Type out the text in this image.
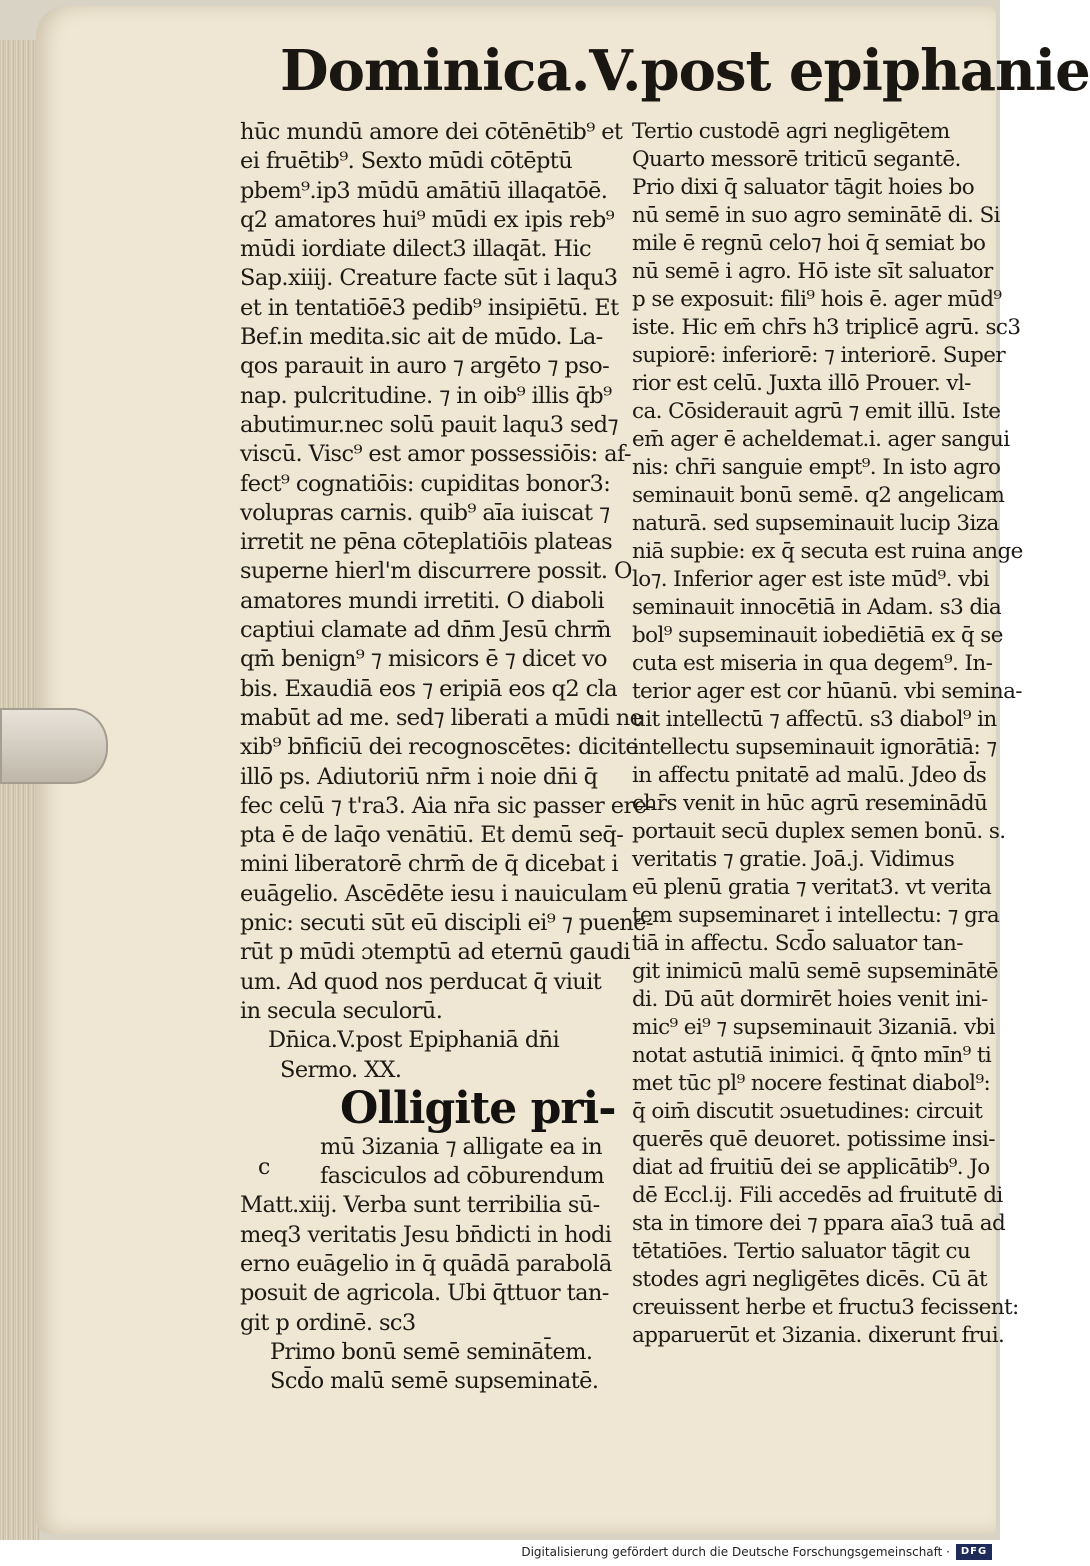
Dominica.V.post epiphanie
hūc mundū amore dei cōtēnētib⁹ et
ei fruētib⁹. Sexto mūdi cōtēptū
pbem⁹.ip3 mūdū amātiū illaqatōē.
q2 amatores hui⁹ mūdi ex ipis reb⁹
mūdi iordiate dilect3 illaqāt. Hic
Sap.xiiij. Creature facte sūt i laqu3
et in tentatiōē3 pedib⁹ insipiētū. Et
Bef.in medita.sic ait de mūdo. La-
qos parauit in auro ⁊ argēto ⁊ pso-
nap. pulcritudine. ⁊ in oib⁹ illis q̄b⁹
abutimur.nec solū pauit laqu3 sed⁊
viscū. Visc⁹ est amor possessiōis: af-
fect⁹ cognatiōis: cupiditas bonor3:
volupras carnis. quib⁹ aīa iuiscat ⁊
irretit ne pēna cōteplatiōis plateas
superne hierl'm discurrere possit. O
amatores mundi irretiti. O diaboli
captiui clamate ad dn̄m Jesū chrm̄
qm̄ benign⁹ ⁊ misicors ē ⁊ dicet vo
bis. Exaudiā eos ⁊ eripiā eos q2 cla
mabūt ad me. sed⁊ liberati a mūdi ne
xib⁹ bn̄ficiū dei recognoscētes: dicite
illō ps. Adiutoriū nr̄m i noie dn̄i q̄
fec celū ⁊ t'ra3. Aia nr̄a sic passer ere-
pta ē de laq̄o venātiū. Et demū seq̄-
mini liberatorē chrm̄ de q̄ dicebat i
euāgelio. Ascēdēte iesu i nauiculam
pnic: secuti sūt eū discipli ei⁹ ⁊ puene-
rūt p mūdi ɔtemptū ad eternū gaudi
um. Ad quod nos perducat q̄ viuit
in secula seculorū.
Dn̄ica.V.post Epiphaniā dn̄i
Sermo. XX.
Olligite pri-
c
mū 3izania ⁊ alligate ea in
fasciculos ad cōburendum
Matt.xiij. Verba sunt terribilia sū-
meq3 veritatis Jesu bn̄dicti in hodi
erno euāgelio in q̄ quādā parabolā
posuit de agricola. Ubi q̄ttuor tan-
git p ordinē. sc3
Primo bonū semē semināt̄em.
Scd̄o malū semē supseminatē.
Tertio custodē agri negligētem
Quarto messorē triticū segantē.
Prio dixi q̄ saluator tāgit hoies bo
nū semē in suo agro seminātē di. Si
mile ē regnū celo⁊ hoi q̄ semiat bo
nū semē i agro. Hō iste sīt saluator
p se exposuit: fili⁹ hois ē. ager mūd⁹
iste. Hic em̄ chr̄s h3 triplicē agrū. sc3
supiorē: inferiorē: ⁊ interiorē. Super
rior est celū. Juxta illō Prouer. vl-
ca. Cōsiderauit agrū ⁊ emit illū. Iste
em̄ ager ē acheldemat.i. ager sangui
nis: chr̄i sanguie empt⁹. In isto agro
seminauit bonū semē. q2 angelicam
naturā. sed supseminauit lucip 3iza
niā supbie: ex q̄ secuta est ruina ange
lo⁊. Inferior ager est iste mūd⁹. vbi
seminauit innocētiā in Adam. s3 dia
bol⁹ supseminauit iobediētiā ex q̄ se
cuta est miseria in qua degem⁹. In-
terior ager est cor hūanū. vbi semina-
uit intellectū ⁊ affectū. s3 diabol⁹ in
intellectu supseminauit ignorātiā: ⁊
in affectu pnitatē ad malū. Jdeo d̄s
chr̄s venit in hūc agrū reseminādū
portauit secū duplex semen bonū. s.
veritatis ⁊ gratie. Joā.j. Vidimus
eū plenū gratia ⁊ veritat3. vt verita
tem supseminaret i intellectu: ⁊ gra
tiā in affectu. Scd̄o saluator tan-
git inimicū malū semē supseminātē
di. Dū aūt dormirēt hoies venit ini-
mic⁹ ei⁹ ⁊ supseminauit 3izaniā. vbi
notat astutiā inimici. q̄ q̄nto mīn⁹ ti
met tūc pl⁹ nocere festinat diabol⁹:
q̄ oim̄ discutit ɔsuetudines: circuit
querēs quē deuoret. potissime insi-
diat ad fruitiū dei se applicātib⁹. Jo
dē Eccl.ij. Fili accedēs ad fruitutē di
sta in timore dei ⁊ ppara aīa3 tuā ad
tētatiōes. Tertio saluator tāgit cu
stodes agri negligētes dicēs. Cū āt
creuissent herbe et fructu3 fecissent:
apparuerūt et 3izania. dixerunt frui.
Digitalisierung gefördert durch die Deutsche Forschungsgemeinschaft ·	DFG
